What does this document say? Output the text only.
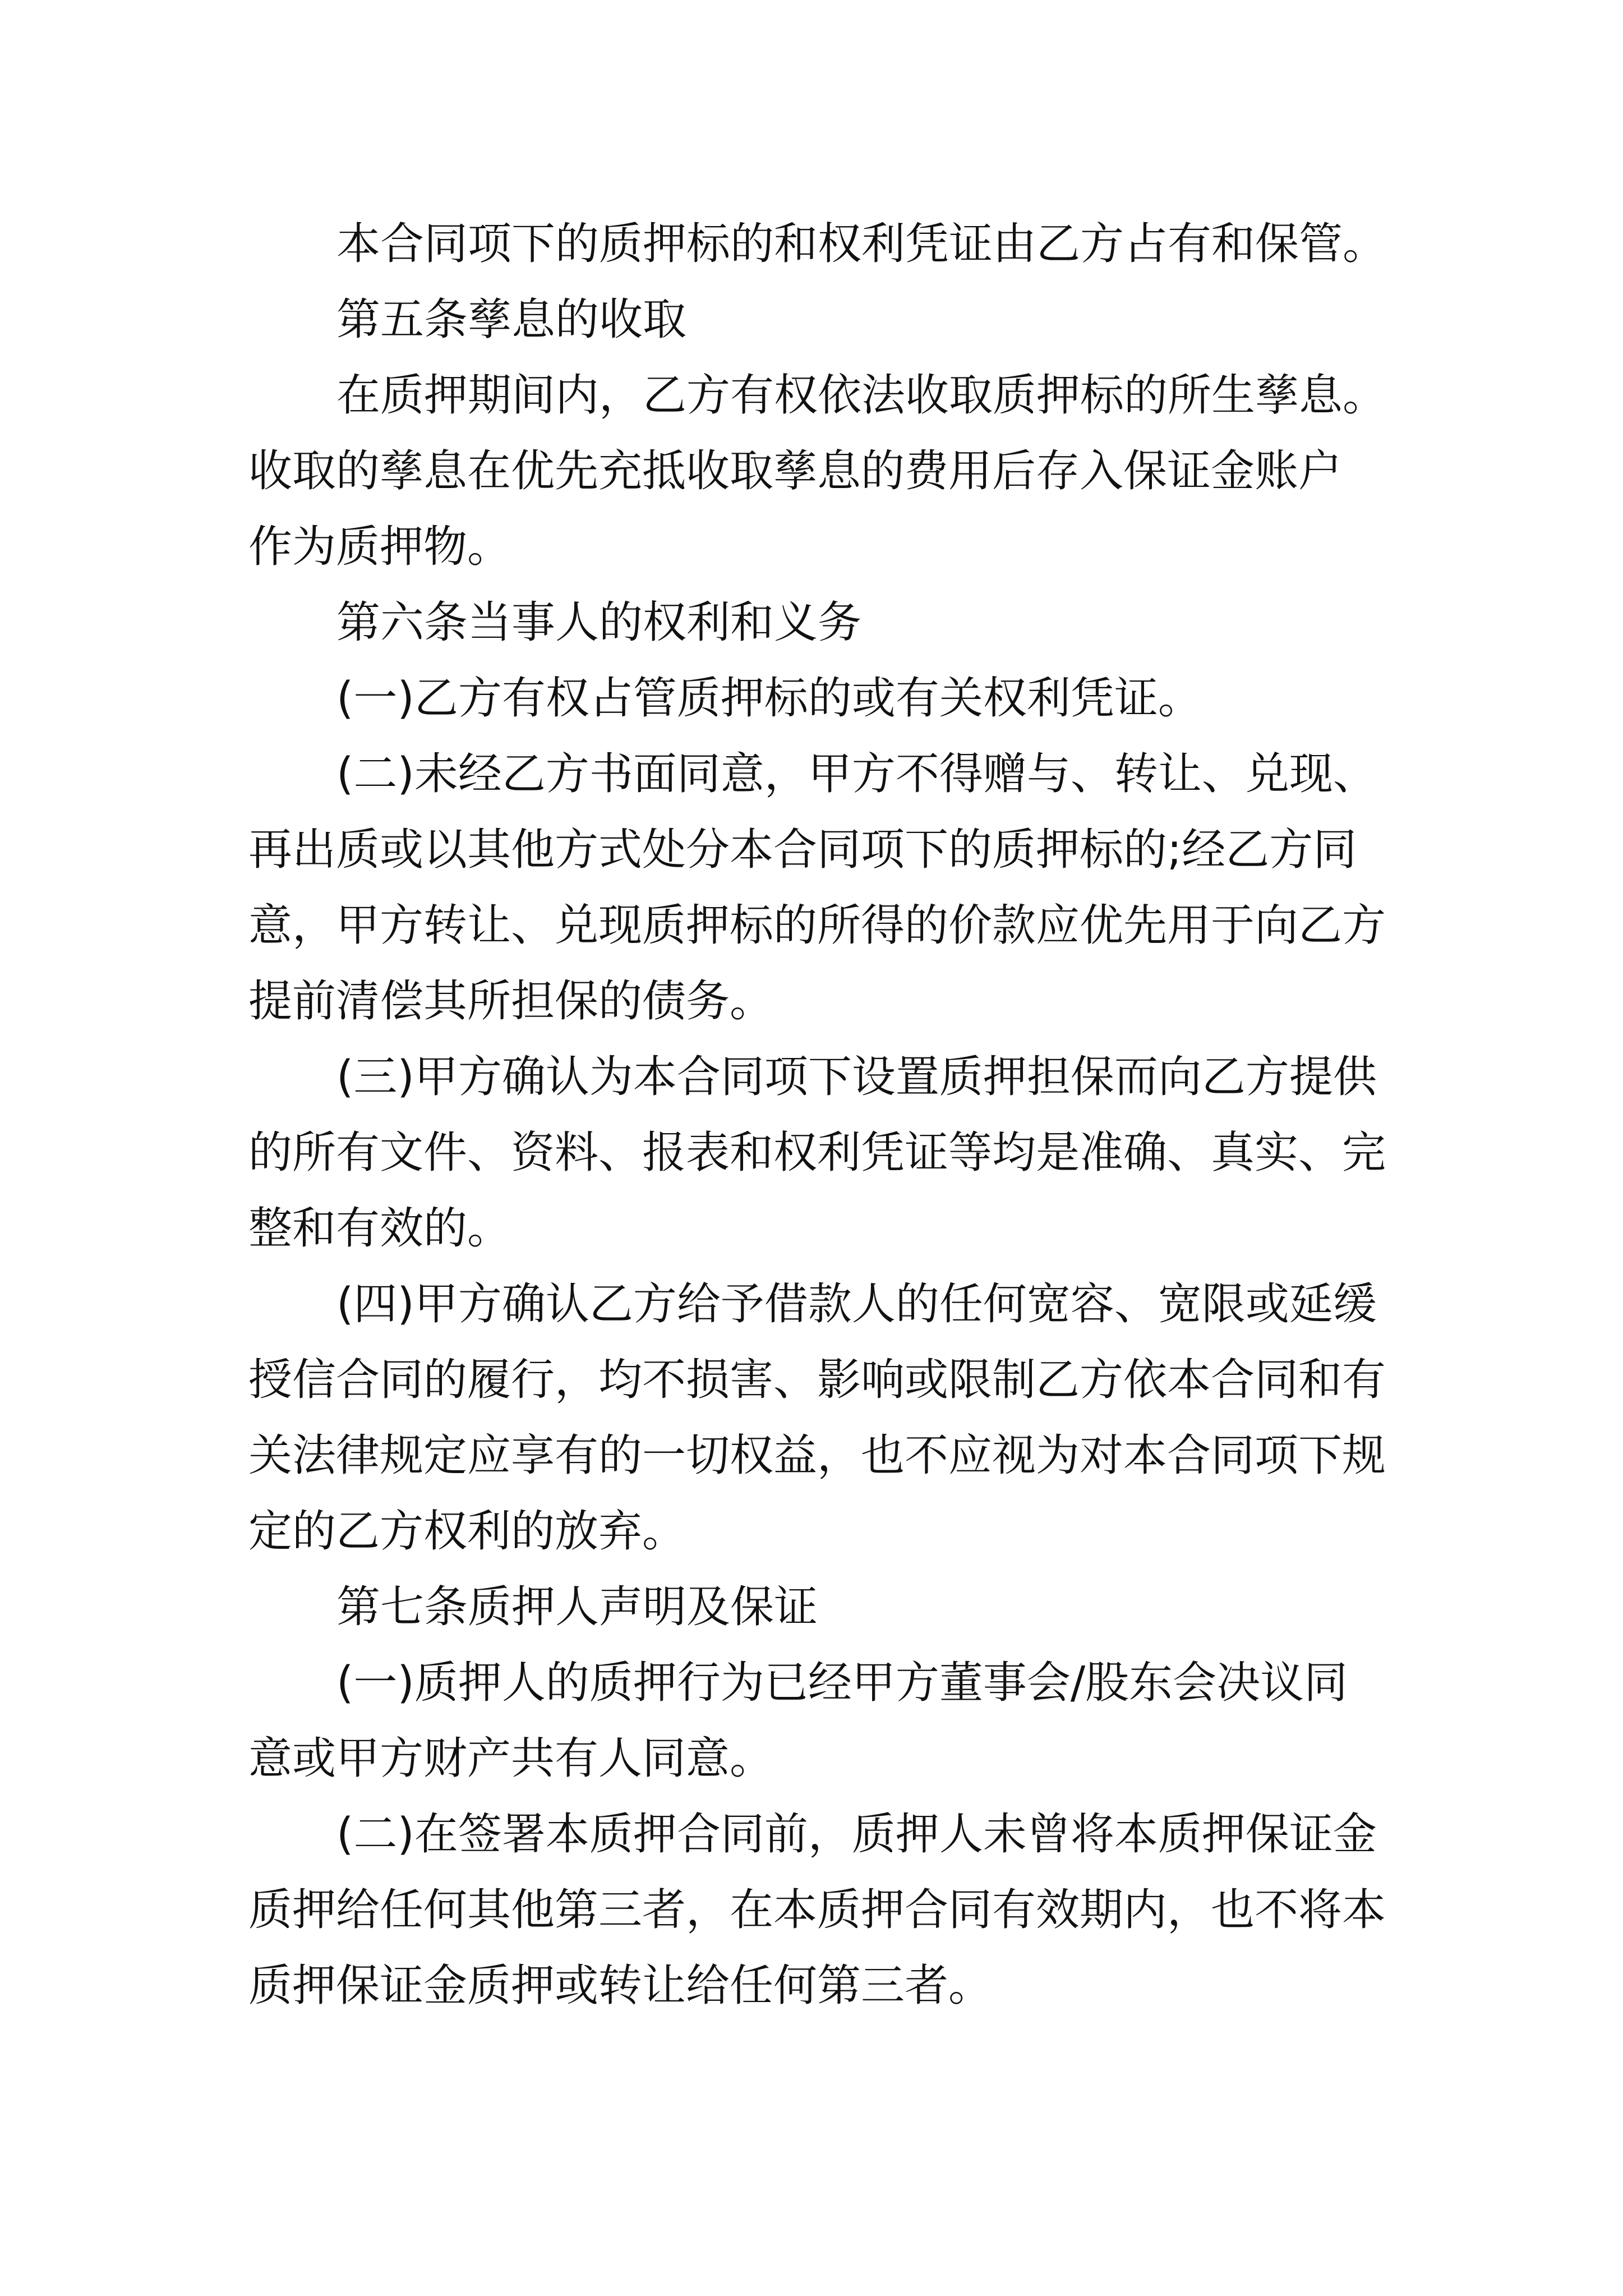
本合同项下的质押标的和权利凭证由乙方占有和保管。

第五条孳息的收取

在质押期间内，乙方有权依法收取质押标的所生孳息。

收取的孳息在优先充抵收取孳息的费用后存入保证金账户

作为质押物。

第六条当事人的权利和义务

(一)乙方有权占管质押标的或有关权利凭证。

(二)未经乙方书面同意，甲方不得赠与、转让、兑现、

再出质或以其他方式处分本合同项下的质押标的;经乙方同

意，甲方转让、兑现质押标的所得的价款应优先用于向乙方

提前清偿其所担保的债务。

(三)甲方确认为本合同项下设置质押担保而向乙方提供

的所有文件、资料、报表和权利凭证等均是准确、真实、完

整和有效的。

(四)甲方确认乙方给予借款人的任何宽容、宽限或延缓

授信合同的履行，均不损害、影响或限制乙方依本合同和有

关法律规定应享有的一切权益，也不应视为对本合同项下规

定的乙方权利的放弃。

第七条质押人声明及保证

(一)质押人的质押行为已经甲方董事会/股东会决议同

意或甲方财产共有人同意。

(二)在签署本质押合同前，质押人未曾将本质押保证金

质押给任何其他第三者，在本质押合同有效期内，也不将本

质押保证金质押或转让给任何第三者。
